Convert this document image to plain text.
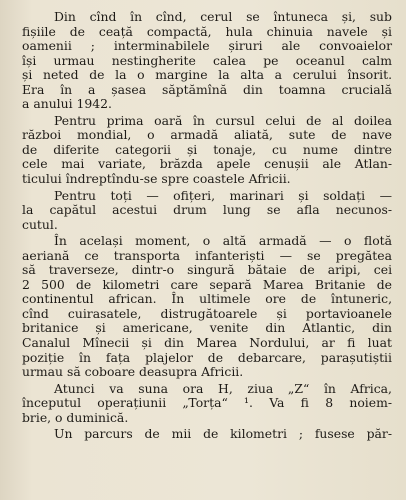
Din cînd în cînd, cerul se întuneca și, sub
fișiile de ceață compactă, hula chinuia navele și
oamenii ; interminabilele șiruri ale convoaielor
își urmau nestingherite calea pe oceanul calm
și neted de la o margine la alta a cerului însorit.
Era în a șasea săptămînă din toamna crucială
a anului 1942.

Pentru prima oară în cursul celui de al doilea
război mondial, o armadă aliată, sute de nave
de diferite categorii și tonaje, cu nume dintre
cele mai variate, brăzda apele cenușii ale Atlan-
ticului îndreptîndu-se spre coastele Africii.

Pentru toți — ofițeri, marinari și soldați —
la capătul acestui drum lung se afla necunos-
cutul.

În același moment, o altă armadă — o flotă
aeriană ce transporta infanteriști — se pregătea
să traverseze, dintr-o singură bătaie de aripi, cei
2 500 de kilometri care separă Marea Britanie de
continentul african. În ultimele ore de întuneric,
cînd cuirasatele, distrugătoarele și portavioanele
britanice și americane, venite din Atlantic, din
Canalul Mînecii și din Marea Nordului, ar fi luat
poziție în fața plajelor de debarcare, parașutiștii
urmau să coboare deasupra Africii.

Atunci va suna ora H, ziua „Z“ în Africa,
începutul operațiunii „Torța“ ¹. Va fi 8 noiem-
brie, o duminică.

Un parcurs de mii de kilometri ; fusese păr-
